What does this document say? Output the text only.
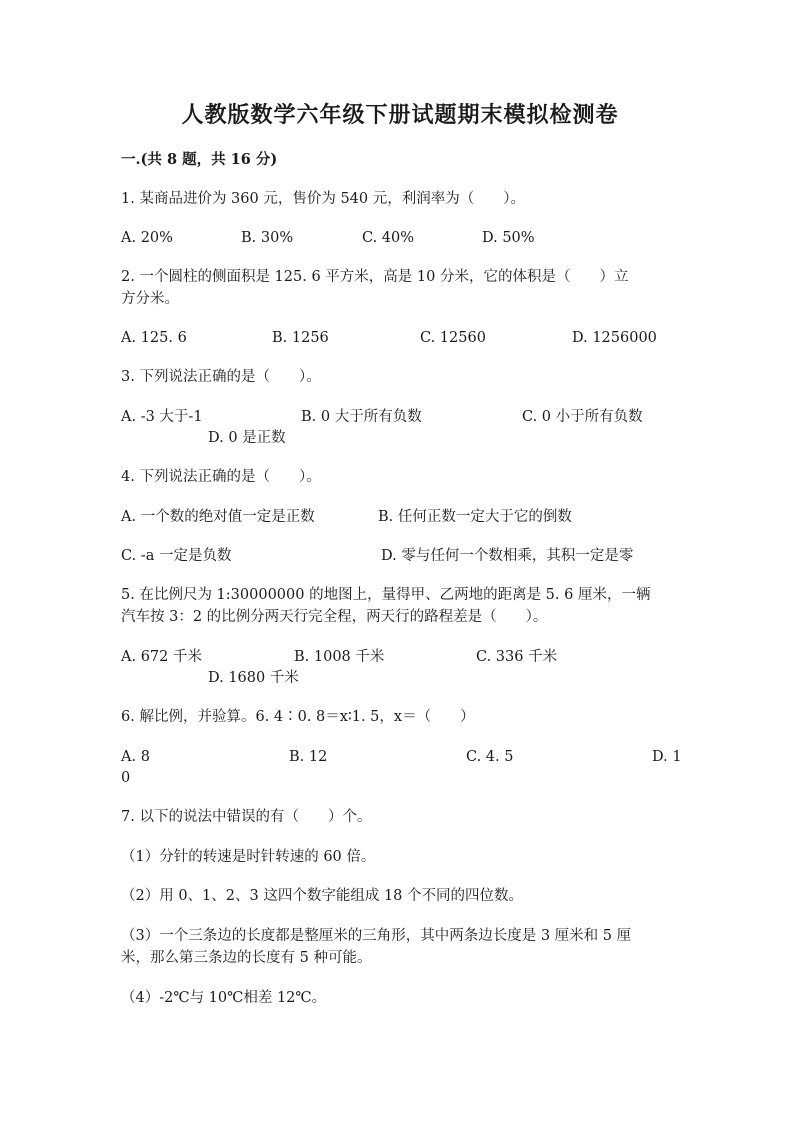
人教版数学六年级下册试题期末模拟检测卷
一.(共 8 题，共 16 分)
1. 某商品进价为 360 元，售价为 540 元，利润率为（　　）。
A. 20%	B. 30%	C. 40%	D. 50%
2. 一个圆柱的侧面积是 125. 6 平方米，高是 10 分米，它的体积是（　　）立
方分米。
A. 125. 6	B. 1256	C. 12560	D. 1256000
3. 下列说法正确的是（　　）。
A. -3 大于-1	B. 0 大于所有负数	C. 0 小于所有负数
D. 0 是正数
4. 下列说法正确的是（　　）。
A. 一个数的绝对值一定是正数	B. 任何正数一定大于它的倒数
C. -a 一定是负数	D. 零与任何一个数相乘，其积一定是零
5. 在比例尺为 1:30000000 的地图上，量得甲、乙两地的距离是 5. 6 厘米，一辆
汽车按 3：2 的比例分两天行完全程，两天行的路程差是（　　）。
A. 672 千米	B. 1008 千米	C. 336 千米
D. 1680 千米
6. 解比例，并验算。6. 4∶0. 8＝x∶1. 5，x＝（　　）
A. 8	B. 12	C. 4. 5	D. 1
0
7. 以下的说法中错误的有（　　）个。
（1）分针的转速是时针转速的 60 倍。
（2）用 0、1、2、3 这四个数字能组成 18 个不同的四位数。
（3）一个三条边的长度都是整厘米的三角形，其中两条边长度是 3 厘米和 5 厘
米，那么第三条边的长度有 5 种可能。
（4）-2℃与 10℃相差 12℃。
